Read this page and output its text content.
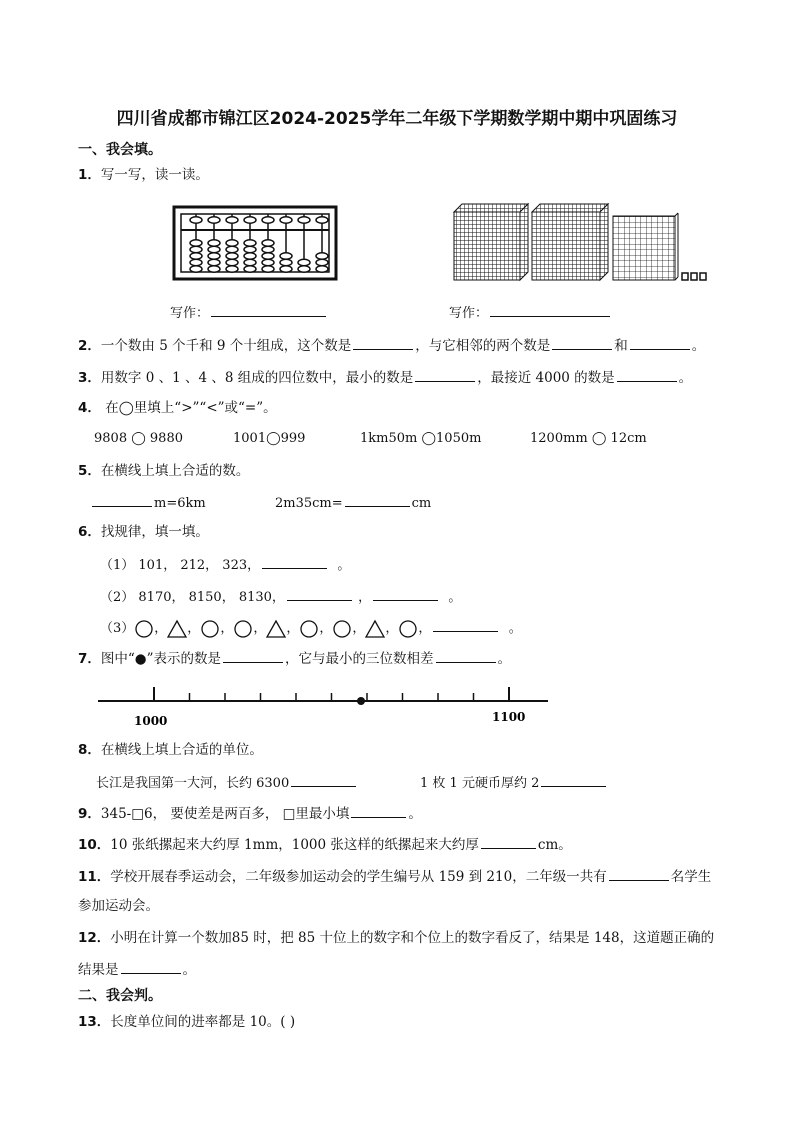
四川省成都市锦江区2024-2025学年二年级下学期数学期中期中巩固练习
一、我会填。
1．写一写，读一读。
写作：	写作：
2．一个数由 5 个千和 9 个十组成，这个数是	，与它相邻的两个数是	和	。
3．用数字 0 、1 、4 、8 组成的四位数中，最小的数是	，最接近 4000 的数是	。
4． 在◯里填上“>”“<”或“=”。
9808 ◯ 9880	1001◯999	1km50m ◯1050m	1200mm ◯ 12cm
5．在横线上填上合适的数。
m=6km	2m35cm=	cm
6．找规律，填一填。
（1） 101， 212， 323，	。
（2） 8170， 8150， 8130，	，	。
（3） ， ， ， ， ， ， ， ， ，	。
7．图中“●”表示的数是	，它与最小的三位数相差	。
1000	1100
8．在横线上填上合适的单位。
长江是我国第一大河，长约 6300	1 枚 1 元硬币厚约 2
9．345-□6， 要使差是两百多， □里最小填	。
10．10 张纸摞起来大约厚 1mm，1000 张这样的纸摞起来大约厚	cm。
11．学校开展春季运动会，二年级参加运动会的学生编号从 159 到 210，二年级一共有	名学生
参加运动会。
12．小明在计算一个数加85 时，把 85 十位上的数字和个位上的数字看反了，结果是 148，这道题正确的
结果是	。
二、我会判。
13．长度单位间的进率都是 10。( )
